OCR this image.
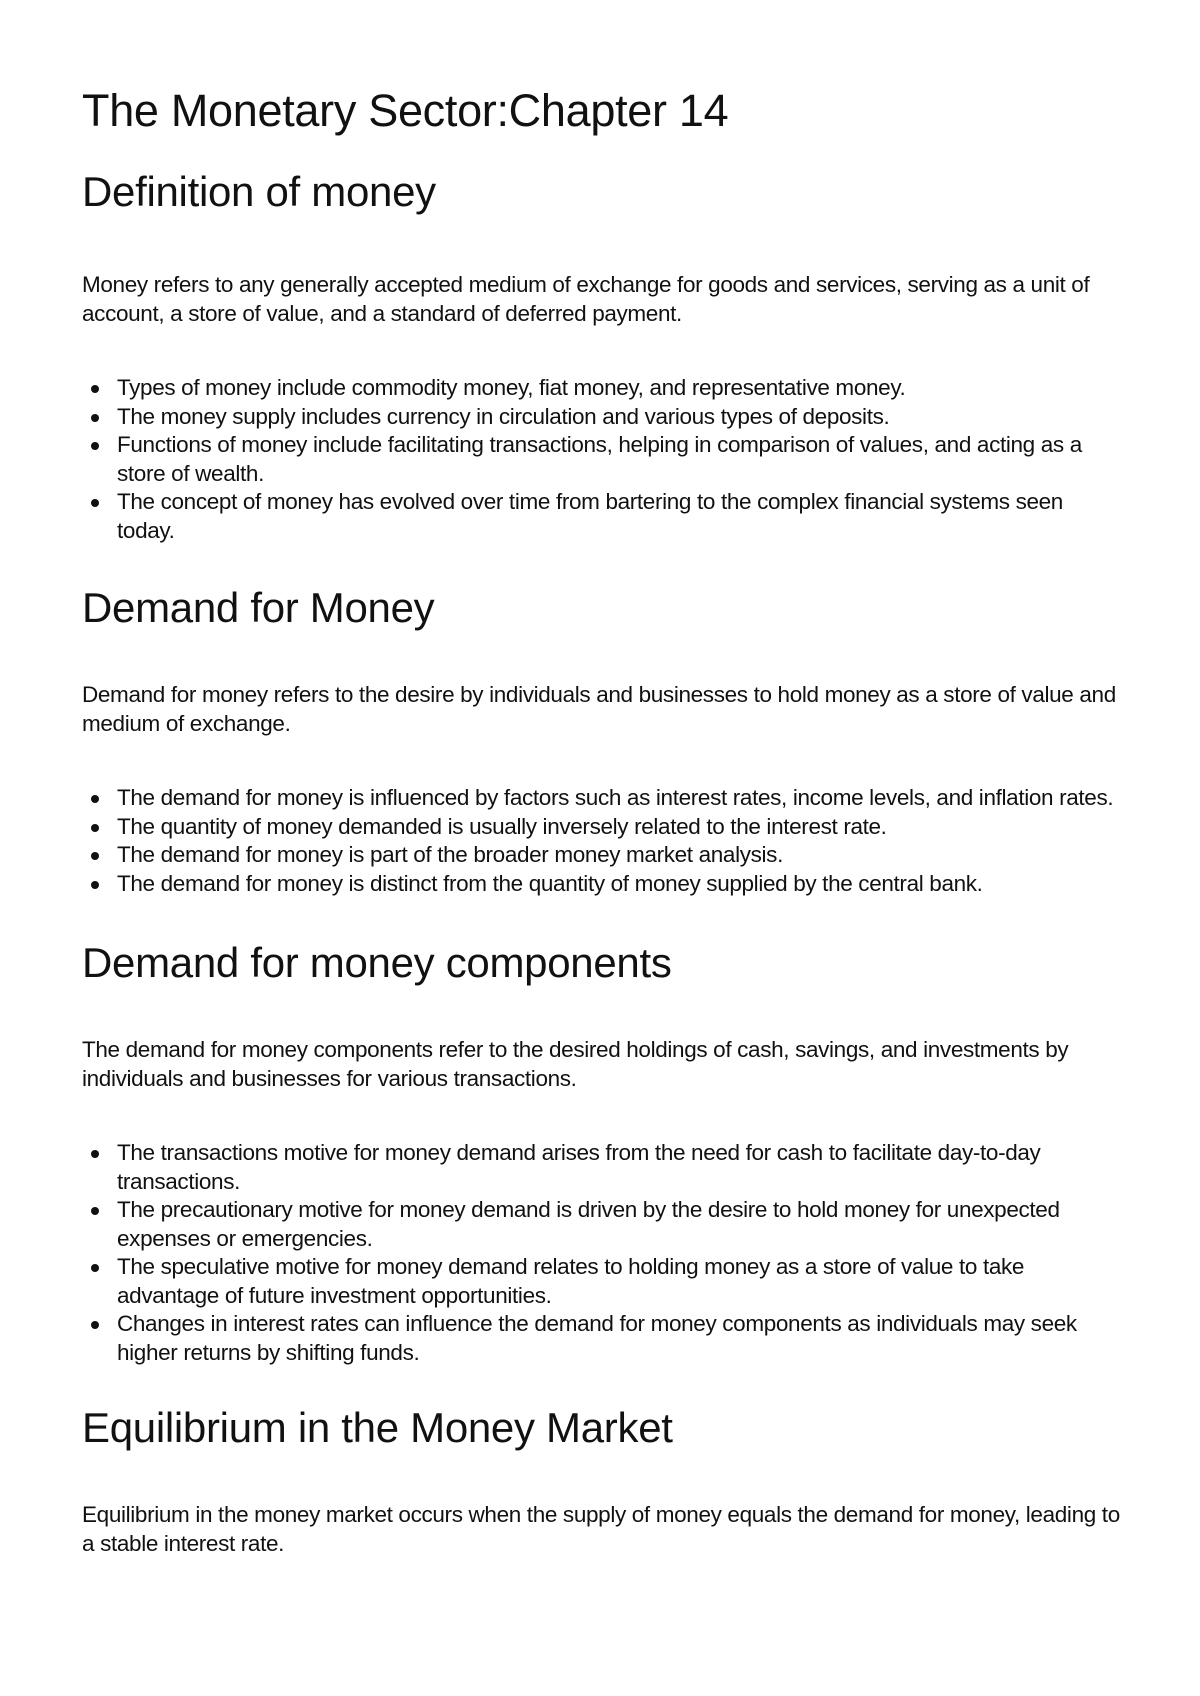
The Monetary Sector:Chapter 14
Definition of money

Money refers to any generally accepted medium of exchange for goods and services, serving as a unit of account, a store of value, and a standard of deferred payment.

Types of money include commodity money, fiat money, and representative money.
The money supply includes currency in circulation and various types of deposits.
Functions of money include facilitating transactions, helping in comparison of values, and acting as a store of wealth.
The concept of money has evolved over time from bartering to the complex financial systems seen today.
Demand for Money

Demand for money refers to the desire by individuals and businesses to hold money as a store of value and medium of exchange.

The demand for money is influenced by factors such as interest rates, income levels, and inflation rates.
The quantity of money demanded is usually inversely related to the interest rate.
The demand for money is part of the broader money market analysis.
The demand for money is distinct from the quantity of money supplied by the central bank.
Demand for money components

The demand for money components refer to the desired holdings of cash, savings, and investments by individuals and businesses for various transactions.

The transactions motive for money demand arises from the need for cash to facilitate day-to-day transactions.
The precautionary motive for money demand is driven by the desire to hold money for unexpected expenses or emergencies.
The speculative motive for money demand relates to holding money as a store of value to take advantage of future investment opportunities.
Changes in interest rates can influence the demand for money components as individuals may seek higher returns by shifting funds.
Equilibrium in the Money Market

Equilibrium in the money market occurs when the supply of money equals the demand for money, leading to a stable interest rate.
